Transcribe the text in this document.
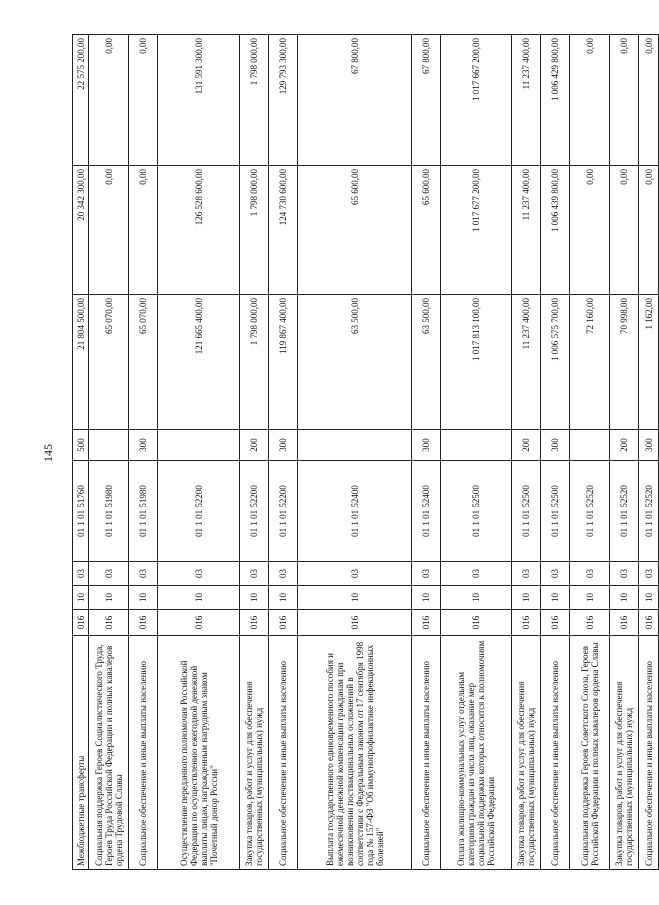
145
Межбюджетные трансферты	016	10	03	01 1 01 51760	500	21 804 500,00	20 342 300,00	22 575 200,00
Социальная поддержка Героев Социалистического Труда, Героев Труда Российской Федерации и полных кавалеров ордена Трудовой Славы	016	10	03	01 1 01 51980		65 070,00	0,00	0,00
Социальное обеспечение и иные выплаты населению	016	10	03	01 1 01 51980	300	65 070,00	0,00	0,00
Осуществление переданного полномочия Российской Федерации по осуществлению ежегодной денежной выплаты лицам, награжденным нагрудным знаком "Почетный донор России"	016	10	03	01 1 01 52200		121 665 400,00	126 528 600,00	131 591 300,00
Закупка товаров, работ и услуг для обеспечения государственных (муниципальных) нужд	016	10	03	01 1 01 52200	200	1 798 000,00	1 798 000,00	1 798 000,00
Социальное обеспечение и иные выплаты населению	016	10	03	01 1 01 52200	300	119 867 400,00	124 730 600,00	129 793 300,00
Выплата государственного единовременного пособия и ежемесячной денежной компенсации гражданам при возникновении поствакцинальных осложнений в соответствии с Федеральным законом от 17 сентября 1998 года № 157-ФЗ "Об иммунопрофилактике инфекционных болезней"	016	10	03	01 1 01 52400		63 500,00	65 600,00	67 800,00
Социальное обеспечение и иные выплаты населению	016	10	03	01 1 01 52400	300	63 500,00	65 600,00	67 800,00
Оплата жилищно-коммунальных услуг отдельным категориям граждан из числа лиц, оказание мер социальной поддержки которых относится к полномочиям Российской Федерации	016	10	03	01 1 01 52500		1 017 813 100,00	1 017 677 200,00	1 017 667 200,00
Закупка товаров, работ и услуг для обеспечения государственных (муниципальных) нужд	016	10	03	01 1 01 52500	200	11 237 400,00	11 237 400,00	11 237 400,00
Социальное обеспечение и иные выплаты населению	016	10	03	01 1 01 52500	300	1 006 575 700,00	1 006 439 800,00	1 006 429 800,00
Социальная поддержка Героев Советского Союза, Героев Российской Федерации и полных кавалеров ордена Славы	016	10	03	01 1 01 52520		72 160,00	0,00	0,00
Закупка товаров, работ и услуг для обеспечения государственных (муниципальных) нужд	016	10	03	01 1 01 52520	200	70 998,00	0,00	0,00
Социальное обеспечение и иные выплаты населению	016	10	03	01 1 01 52520	300	1 162,00	0,00	0,00
